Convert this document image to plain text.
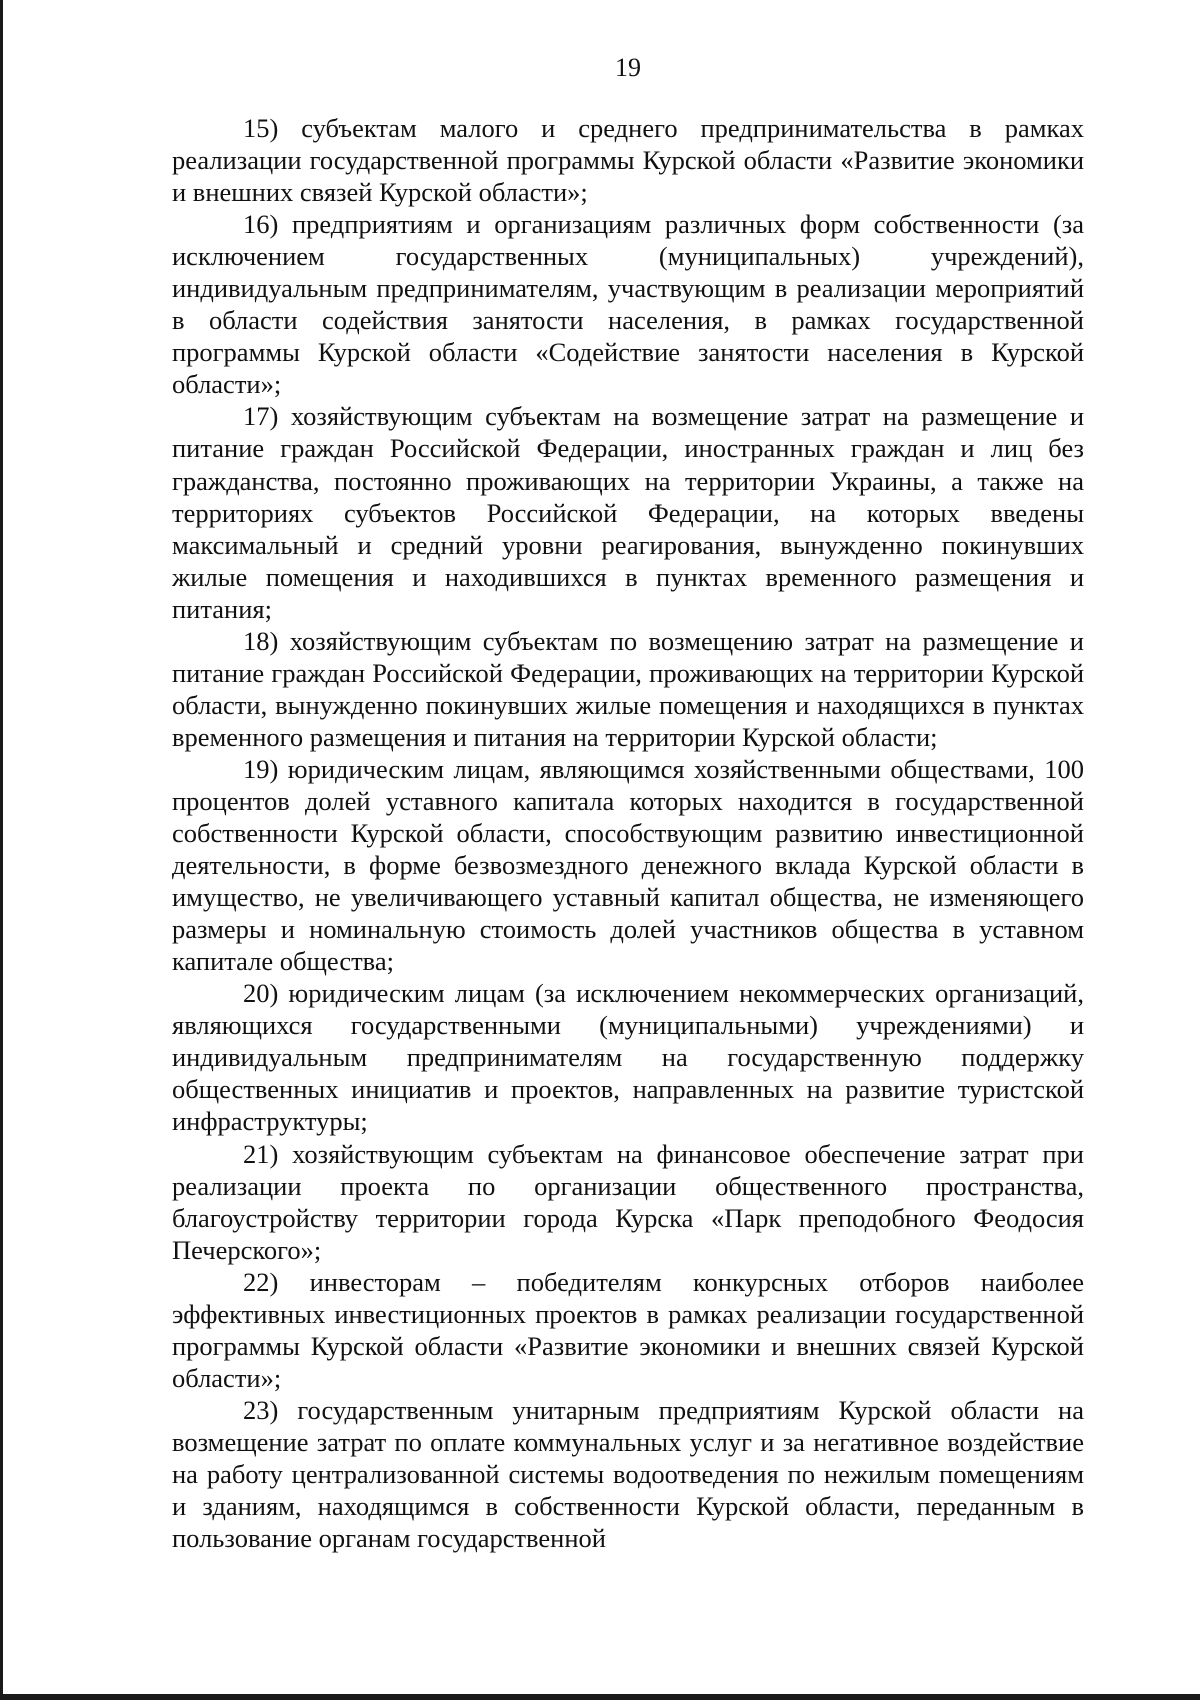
19

15) субъектам малого и среднего предпринимательства в рамках реализации государственной программы Курской области «Развитие экономики и внешних связей Курской области»;

16) предприятиям и организациям различных форм собственности (за исключением государственных (муниципальных) учреждений), индивидуальным предпринимателям, участвующим в реализации мероприятий в области содействия занятости населения, в рамках государственной программы Курской области «Содействие занятости населения в Курской области»;

17) хозяйствующим субъектам на возмещение затрат на размещение и питание граждан Российской Федерации, иностранных граждан и лиц без гражданства, постоянно проживающих на территории Украины, а также на территориях субъектов Российской Федерации, на которых введены максимальный и средний уровни реагирования, вынужденно покинувших жилые помещения и находившихся в пунктах временного размещения и питания;

18) хозяйствующим субъектам по возмещению затрат на размещение и питание граждан Российской Федерации, проживающих на территории Курской области, вынужденно покинувших жилые помещения и находящихся в пунктах временного размещения и питания на территории Курской области;

19) юридическим лицам, являющимся хозяйственными обществами, 100 процентов долей уставного капитала которых находится в государственной собственности Курской области, способствующим развитию инвестиционной деятельности, в форме безвозмездного денежного вклада Курской области в имущество, не увеличивающего уставный капитал общества, не изменяющего размеры и номинальную стоимость долей участников общества в уставном капитале общества;

20) юридическим лицам (за исключением некоммерческих организаций, являющихся государственными (муниципальными) учреждениями) и индивидуальным предпринимателям на государственную поддержку общественных инициатив и проектов, направленных на развитие туристской инфраструктуры;

21) хозяйствующим субъектам на финансовое обеспечение затрат при реализации проекта по организации общественного пространства, благоустройству территории города Курска «Парк преподобного Феодосия Печерского»;

22) инвесторам – победителям конкурсных отборов наиболее эффективных инвестиционных проектов в рамках реализации государственной программы Курской области «Развитие экономики и внешних связей Курской области»;

23) государственным унитарным предприятиям Курской области на возмещение затрат по оплате коммунальных услуг и за негативное воздействие на работу централизованной системы водоотведения по нежилым помещениям и зданиям, находящимся в собственности Курской области, переданным в пользование органам государственной
